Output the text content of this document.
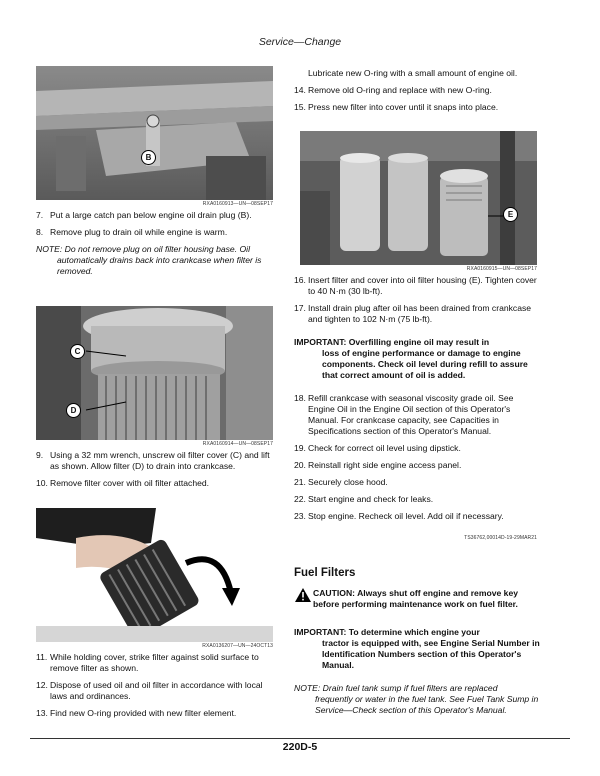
Service—Change
B
RXA0160913—UN—08SEP17
7. Put a large catch pan below engine oil drain plug (B).
8. Remove plug to drain oil while engine is warm.
NOTE: Do not remove plug on oil filter housing base. Oil
automatically drains back into crankcase when filter is removed.
C
D
RXA0160914—UN—08SEP17
9. Using a 32 mm wrench, unscrew oil filter cover (C) and lift as shown. Allow filter (D) to drain into crankcase.
10. Remove filter cover with oil filter attached.
RXA0136207—UN—24OCT13
11. While holding cover, strike filter against solid surface to remove filter as shown.
12. Dispose of used oil and oil filter in accordance with local laws and ordinances.
13. Find new O-ring provided with new filter element.
Lubricate new O-ring with a small amount of engine oil.
14. Remove old O-ring and replace with new O-ring.
15. Press new filter into cover until it snaps into place.
E
RXA0160915—UN—08SEP17
16. Insert filter and cover into oil filter housing (E). Tighten cover to 40 N·m (30 lb-ft).
17. Install drain plug after oil has been drained from crankcase and tighten to 102 N·m (75 lb-ft).
IMPORTANT: Overfilling engine oil may result in
loss of engine performance or damage to engine components. Check oil level during refill to assure that correct amount of oil is added.
18. Refill crankcase with seasonal viscosity grade oil. See Engine Oil in the Engine Oil section of this Operator's Manual. For crankcase capacity, see Capacities in Specifications section of this Operator's Manual.
19. Check for correct oil level using dipstick.
20. Reinstall right side engine access panel.
21. Securely close hood.
22. Start engine and check for leaks.
23. Stop engine. Recheck oil level. Add oil if necessary.
TS36762,00014D-19-29MAR21
Fuel Filters
CAUTION: Always shut off engine and remove key before performing maintenance work on fuel filter.
IMPORTANT: To determine which engine your
tractor is equipped with, see Engine Serial Number in Identification Numbers section of this Operator's Manual.
NOTE: Drain fuel tank sump if fuel filters are replaced
frequently or water in the fuel tank. See Fuel Tank Sump in Service—Check section of this Operator's Manual.
220D-5
